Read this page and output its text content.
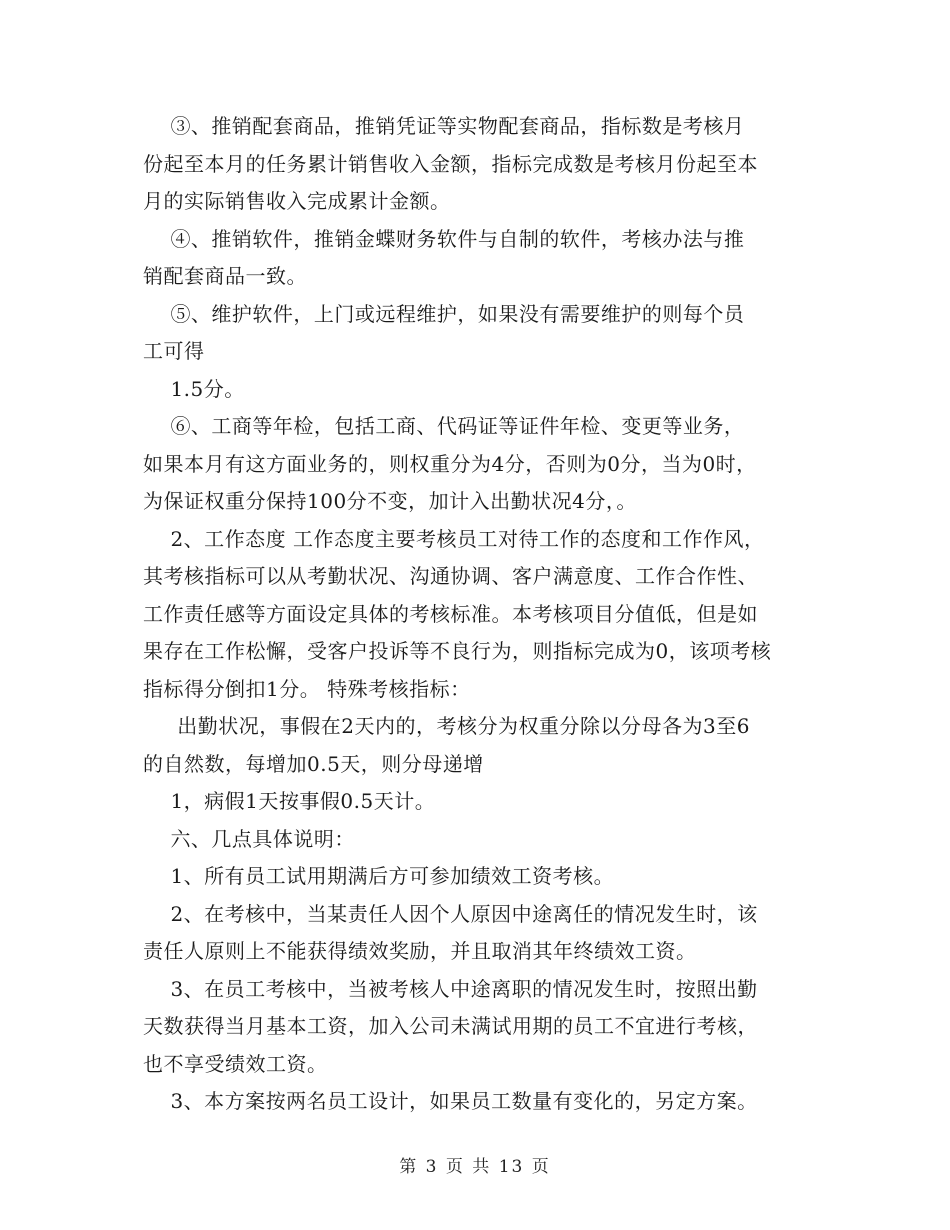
③、推销配套商品，推销凭证等实物配套商品，指标数是考核月
份起至本月的任务累计销售收入金额，指标完成数是考核月份起至本
月的实际销售收入完成累计金额。

④、推销软件，推销金蝶财务软件与自制的软件，考核办法与推
销配套商品一致。

⑤、维护软件，上门或远程维护，如果没有需要维护的则每个员
工可得

1.5分。

⑥、工商等年检，包括工商、代码证等证件年检、变更等业务，
如果本月有这方面业务的，则权重分为4分，否则为0分，当为0时，
为保证权重分保持100分不变，加计入出勤状况4分，。

2、工作态度 工作态度主要考核员工对待工作的态度和工作作风，
其考核指标可以从考勤状况、沟通协调、客户满意度、工作合作性、
工作责任感等方面设定具体的考核标准。本考核项目分值低，但是如
果存在工作松懈，受客户投诉等不良行为，则指标完成为0，该项考核
指标得分倒扣1分。 特殊考核指标：

出勤状况，事假在2天内的，考核分为权重分除以分母各为3至6
的自然数，每增加0.5天，则分母递增

1，病假1天按事假0.5天计。

六、几点具体说明：

1、所有员工试用期满后方可参加绩效工资考核。

2、在考核中，当某责任人因个人原因中途离任的情况发生时，该
责任人原则上不能获得绩效奖励，并且取消其年终绩效工资。

3、在员工考核中，当被考核人中途离职的情况发生时，按照出勤
天数获得当月基本工资，加入公司未满试用期的员工不宜进行考核，
也不享受绩效工资。

3、本方案按两名员工设计，如果员工数量有变化的，另定方案。

第 3 页 共 13 页
